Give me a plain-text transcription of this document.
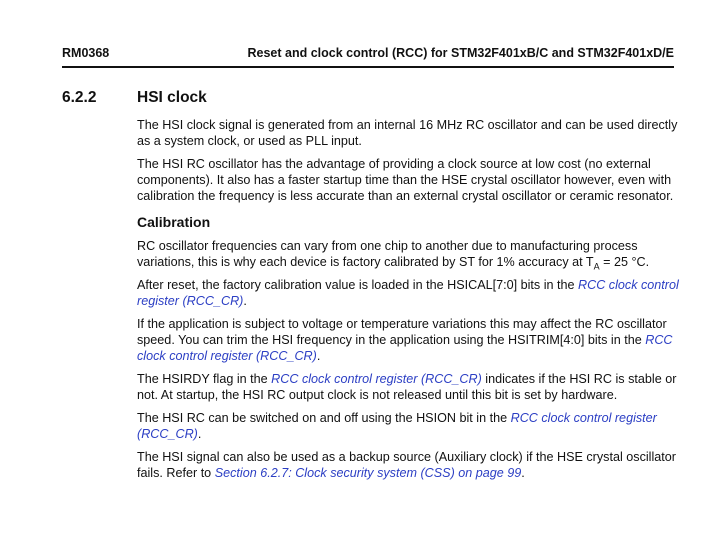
RM0368	Reset and clock control (RCC) for STM32F401xB/C and STM32F401xD/E
6.2.2	HSI clock

The HSI clock signal is generated from an internal 16 MHz RC oscillator and can be used directly as a system clock, or used as PLL input.

The HSI RC oscillator has the advantage of providing a clock source at low cost (no external components). It also has a faster startup time than the HSE crystal oscillator however, even with calibration the frequency is less accurate than an external crystal oscillator or ceramic resonator.

Calibration

RC oscillator frequencies can vary from one chip to another due to manufacturing process variations, this is why each device is factory calibrated by ST for 1% accuracy at $T_A = 25$ °C.

After reset, the factory calibration value is loaded in the HSICAL[7:0] bits in the RCC clock control register (RCC_CR).

If the application is subject to voltage or temperature variations this may affect the RC oscillator speed. You can trim the HSI frequency in the application using the HSITRIM[4:0] bits in the RCC clock control register (RCC_CR).

The HSIRDY flag in the RCC clock control register (RCC_CR) indicates if the HSI RC is stable or not. At startup, the HSI RC output clock is not released until this bit is set by hardware.

The HSI RC can be switched on and off using the HSION bit in the RCC clock control register (RCC_CR).

The HSI signal can also be used as a backup source (Auxiliary clock) if the HSE crystal oscillator fails. Refer to Section 6.2.7: Clock security system (CSS) on page 99.
